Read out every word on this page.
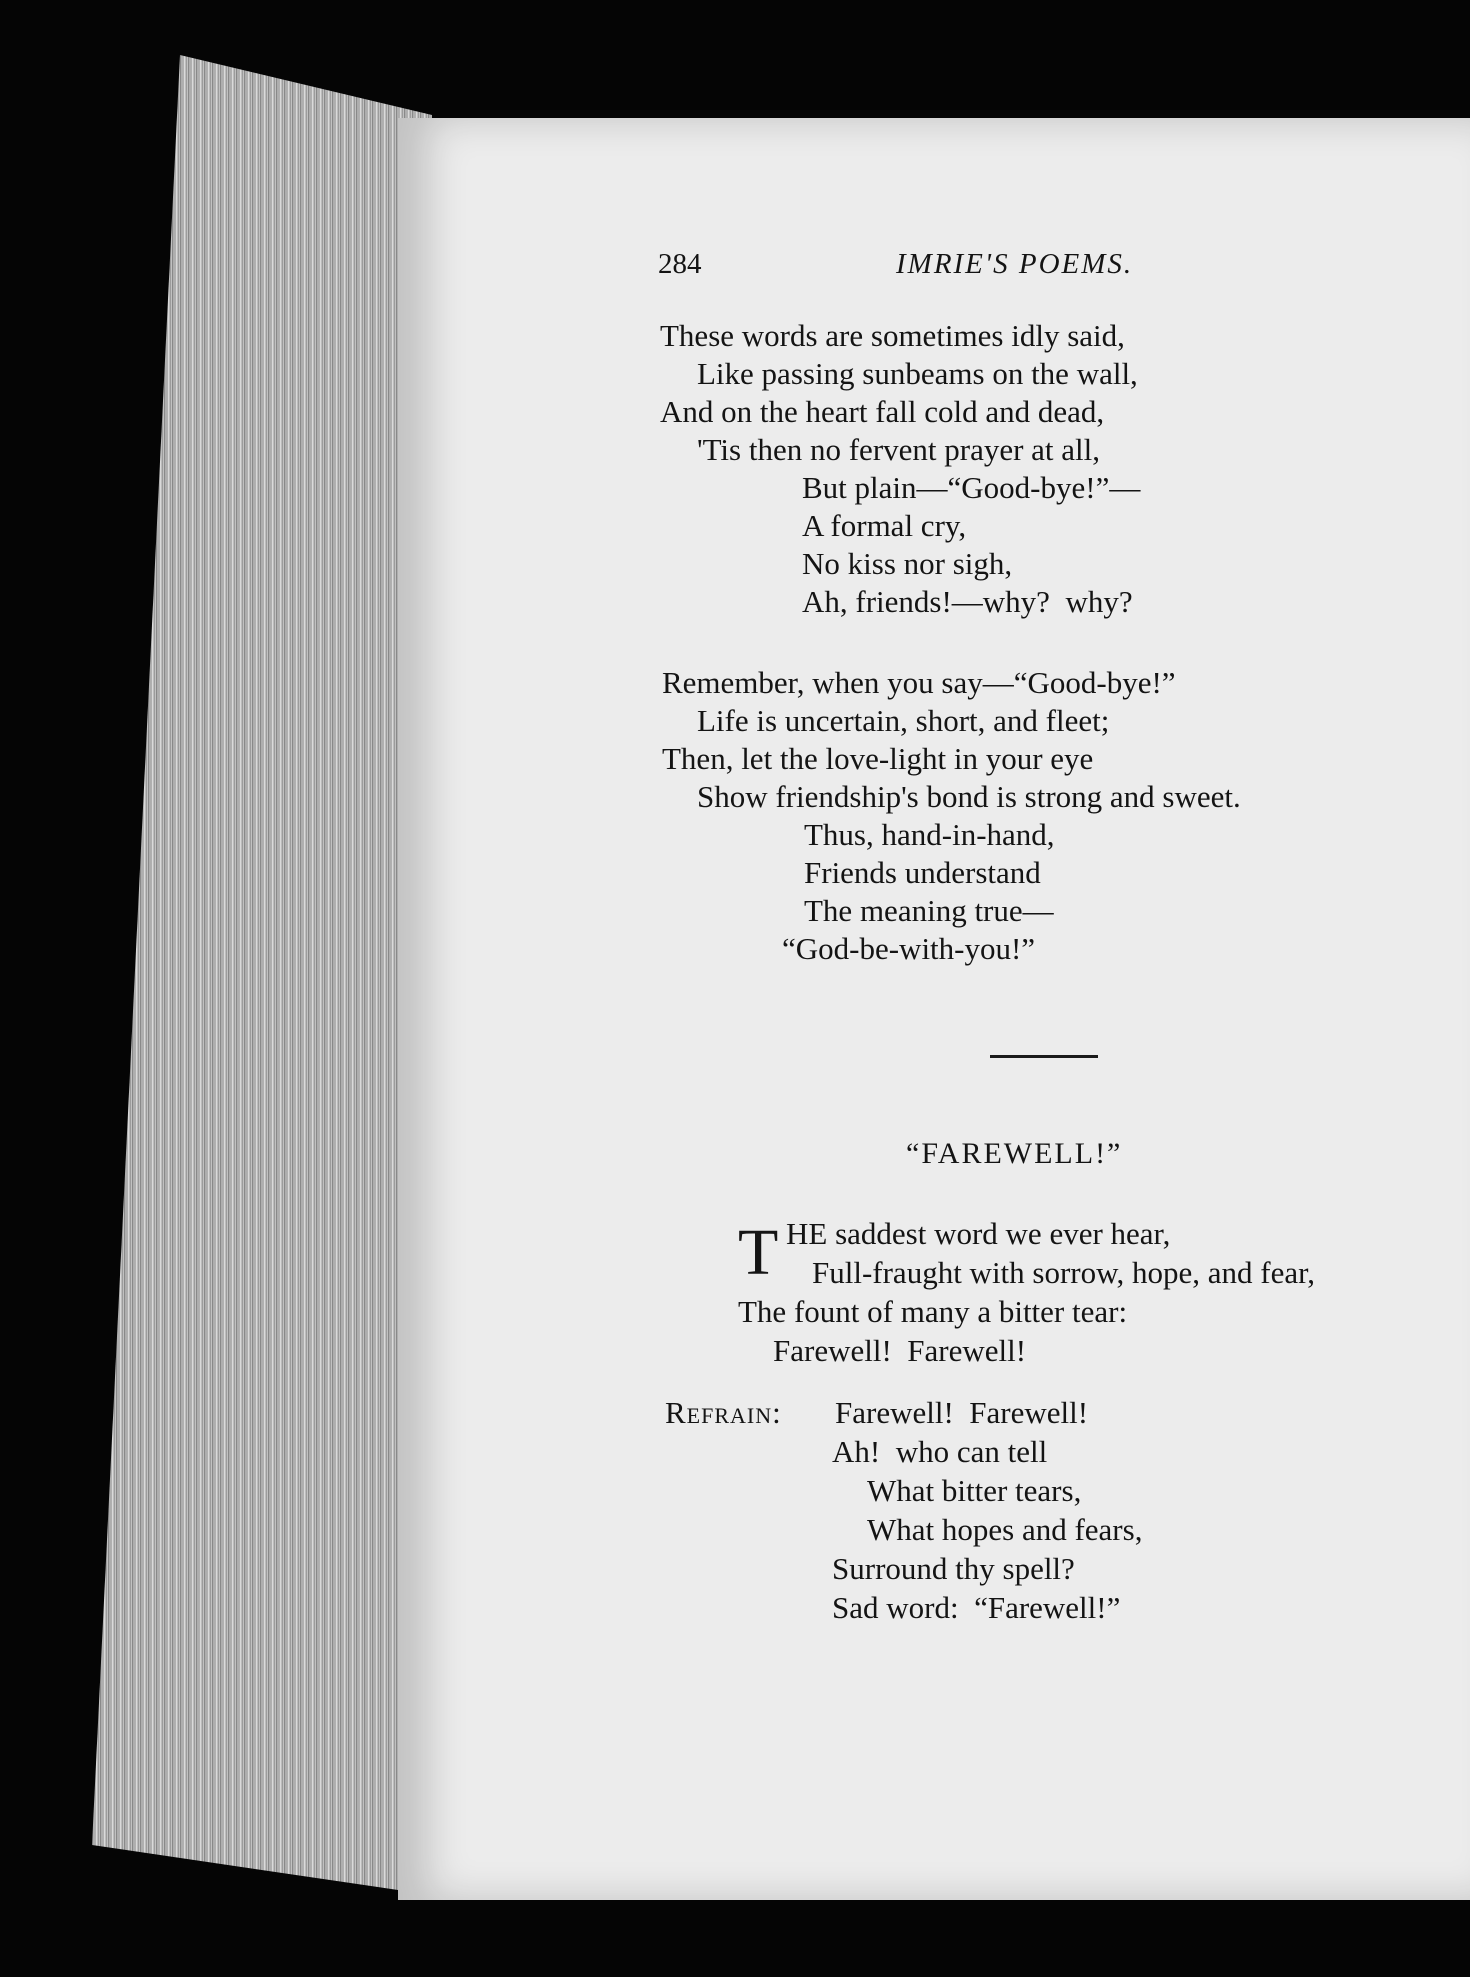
284	IMRIE'S POEMS.
These words are sometimes idly said,
Like passing sunbeams on the wall,
And on the heart fall cold and dead,
'Tis then no fervent prayer at all,
But plain—“Good-bye!”—
A formal cry,
No kiss nor sigh,
Ah, friends!—why?  why?
Remember, when you say—“Good-bye!”
Life is uncertain, short, and fleet;
Then, let the love-light in your eye
Show friendship's bond is strong and sweet.
Thus, hand-in-hand,
Friends understand
The meaning true—
“God-be-with-you!”
“FAREWELL!”
T HE saddest word we ever hear,
Full-fraught with sorrow, hope, and fear,
The fount of many a bitter tear:
Farewell!  Farewell!
Refrain: Farewell!  Farewell!
Ah!  who can tell
What bitter tears,
What hopes and fears,
Surround thy spell?
Sad word:  “Farewell!”
